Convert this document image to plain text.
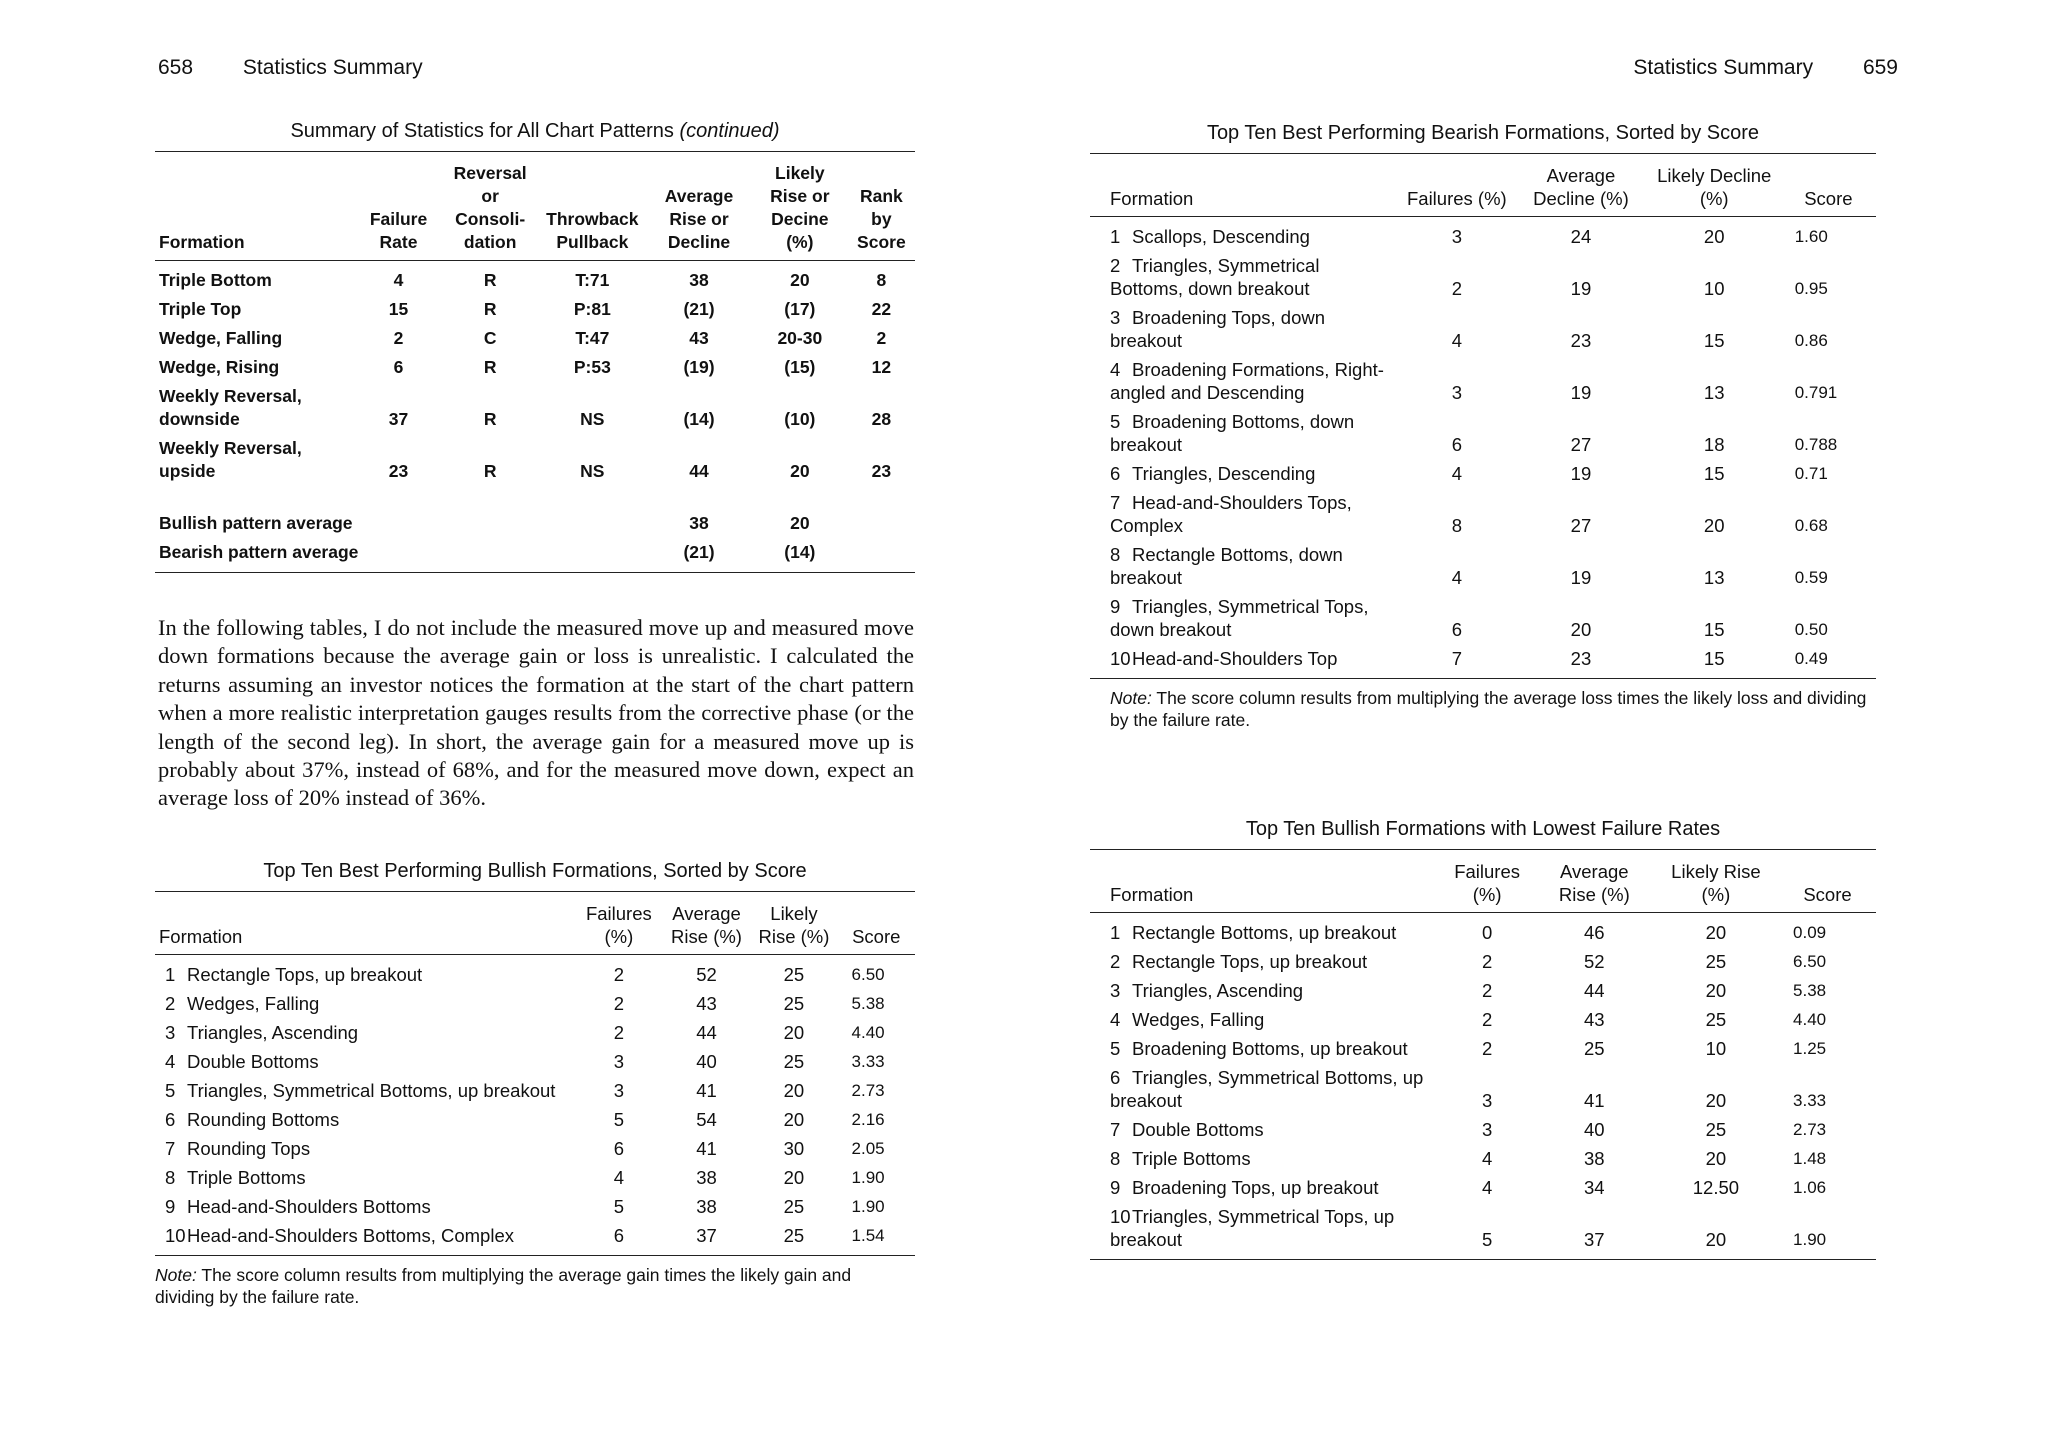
658 Statistics Summary
Summary of Statistics for All Chart Patterns (continued)
Formation	Failure Rate	Reversal or Consoli- dation	Throwback Pullback	Average Rise or Decline	Likely Rise or Decine (%)	Rank by Score
Triple Bottom	4	R	T:71	38	20	8
Triple Top	15	R	P:81	(21)	(17)	22
Wedge, Falling	2	C	T:47	43	20-30	2
Wedge, Rising	6	R	P:53	(19)	(15)	12
Weekly Reversal, downside	37	R	NS	(14)	(10)	28
Weekly Reversal, upside	23	R	NS	44	20	23
Bullish pattern average				38	20	
Bearish pattern average				(21)	(14)	
In the following tables, I do not include the measured move up and measured move down formations because the average gain or loss is unrealistic. I calculated the returns assuming an investor notices the formation at the start of the chart pattern when a more realistic interpretation gauges results from the corrective phase (or the length of the second leg). In short, the average gain for a measured move up is probably about 37%, instead of 68%, and for the measured move down, expect an average loss of 20% instead of 36%.
Top Ten Best Performing Bullish Formations, Sorted by Score
Formation	Failures (%)	Average Rise (%)	Likely Rise (%)	Score
1 Rectangle Tops, up breakout	2	52	25	6.50
2 Wedges, Falling	2	43	25	5.38
3 Triangles, Ascending	2	44	20	4.40
4 Double Bottoms	3	40	25	3.33
5 Triangles, Symmetrical Bottoms, up breakout	3	41	20	2.73
6 Rounding Bottoms	5	54	20	2.16
7 Rounding Tops	6	41	30	2.05
8 Triple Bottoms	4	38	20	1.90
9 Head-and-Shoulders Bottoms	5	38	25	1.90
10Head-and-Shoulders Bottoms, Complex	6	37	25	1.54
Note: The score column results from multiplying the average gain times the likely gain and dividing by the failure rate.
Statistics Summary 659
Top Ten Best Performing Bearish Formations, Sorted by Score
Formation	Failures (%)	Average Decline (%)	Likely Decline (%)	Score
1 Scallops, Descending	3	24	20	1.60
2 Triangles, Symmetrical Bottoms, down breakout	2	19	10	0.95
3 Broadening Tops, down breakout	4	23	15	0.86
4 Broadening Formations, Right-angled and Descending	3	19	13	0.791
5 Broadening Bottoms, down breakout	6	27	18	0.788
6 Triangles, Descending	4	19	15	0.71
7 Head-and-Shoulders Tops, Complex	8	27	20	0.68
8 Rectangle Bottoms, down breakout	4	19	13	0.59
9 Triangles, Symmetrical Tops, down breakout	6	20	15	0.50
10Head-and-Shoulders Top	7	23	15	0.49
Note: The score column results from multiplying the average loss times the likely loss and dividing by the failure rate.
Top Ten Bullish Formations with Lowest Failure Rates
Formation	Failures (%)	Average Rise (%)	Likely Rise (%)	Score
1 Rectangle Bottoms, up breakout	0	46	20	0.09
2 Rectangle Tops, up breakout	2	52	25	6.50
3 Triangles, Ascending	2	44	20	5.38
4 Wedges, Falling	2	43	25	4.40
5 Broadening Bottoms, up breakout	2	25	10	1.25
6 Triangles, Symmetrical Bottoms, up breakout	3	41	20	3.33
7 Double Bottoms	3	40	25	2.73
8 Triple Bottoms	4	38	20	1.48
9 Broadening Tops, up breakout	4	34	12.50	1.06
10Triangles, Symmetrical Tops, up breakout	5	37	20	1.90
